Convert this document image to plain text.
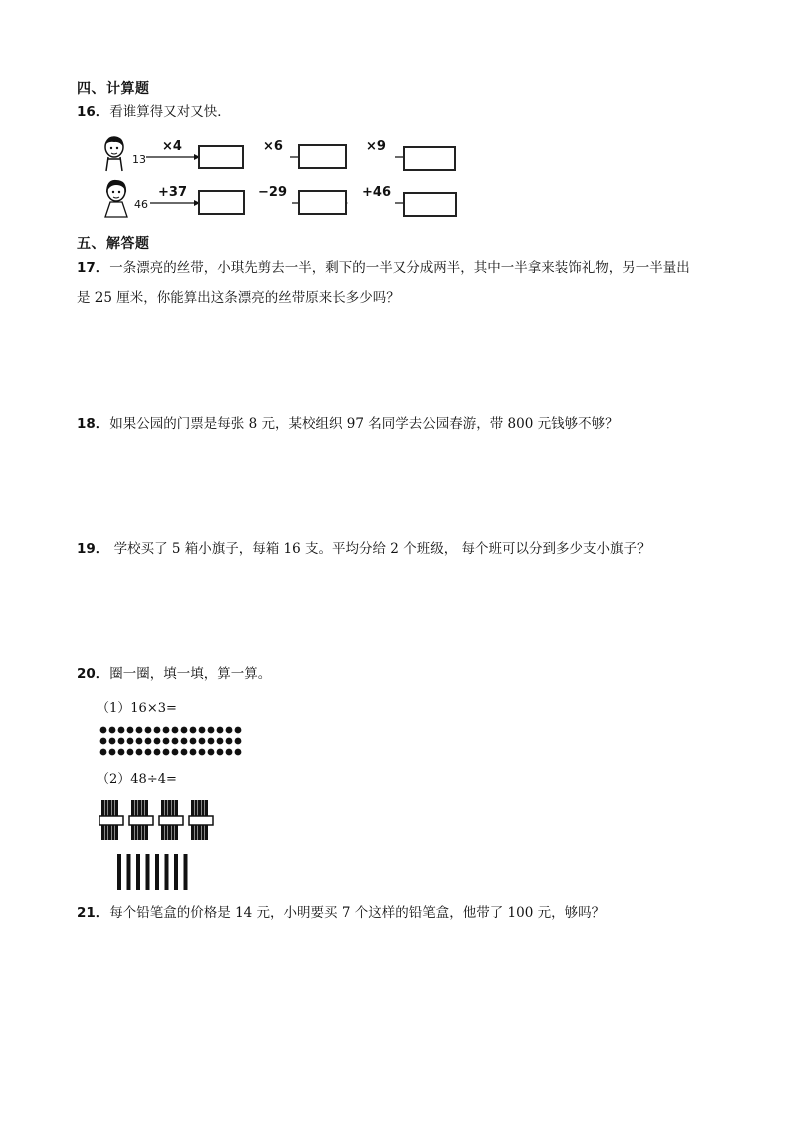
四、计算题
16．看谁算得又对又快．
13
×4	×6	×9
46
+37	−29	+46
五、解答题
17．一条漂亮的丝带，小琪先剪去一半，剩下的一半又分成两半，其中一半拿来装饰礼物，另一半量出
是 25 厘米，你能算出这条漂亮的丝带原来长多少吗？
18．如果公园的门票是每张 8 元，某校组织 97 名同学去公园春游，带 800 元钱够不够？
19． 学校买了 5 箱小旗子，每箱 16 支。平均分给 2 个班级， 每个班可以分到多少支小旗子？
20．圈一圈，填一填，算一算。
（1）16×3=
（2）48÷4=
21．每个铅笔盒的价格是 14 元，小明要买 7 个这样的铅笔盒，他带了 100 元，够吗？
